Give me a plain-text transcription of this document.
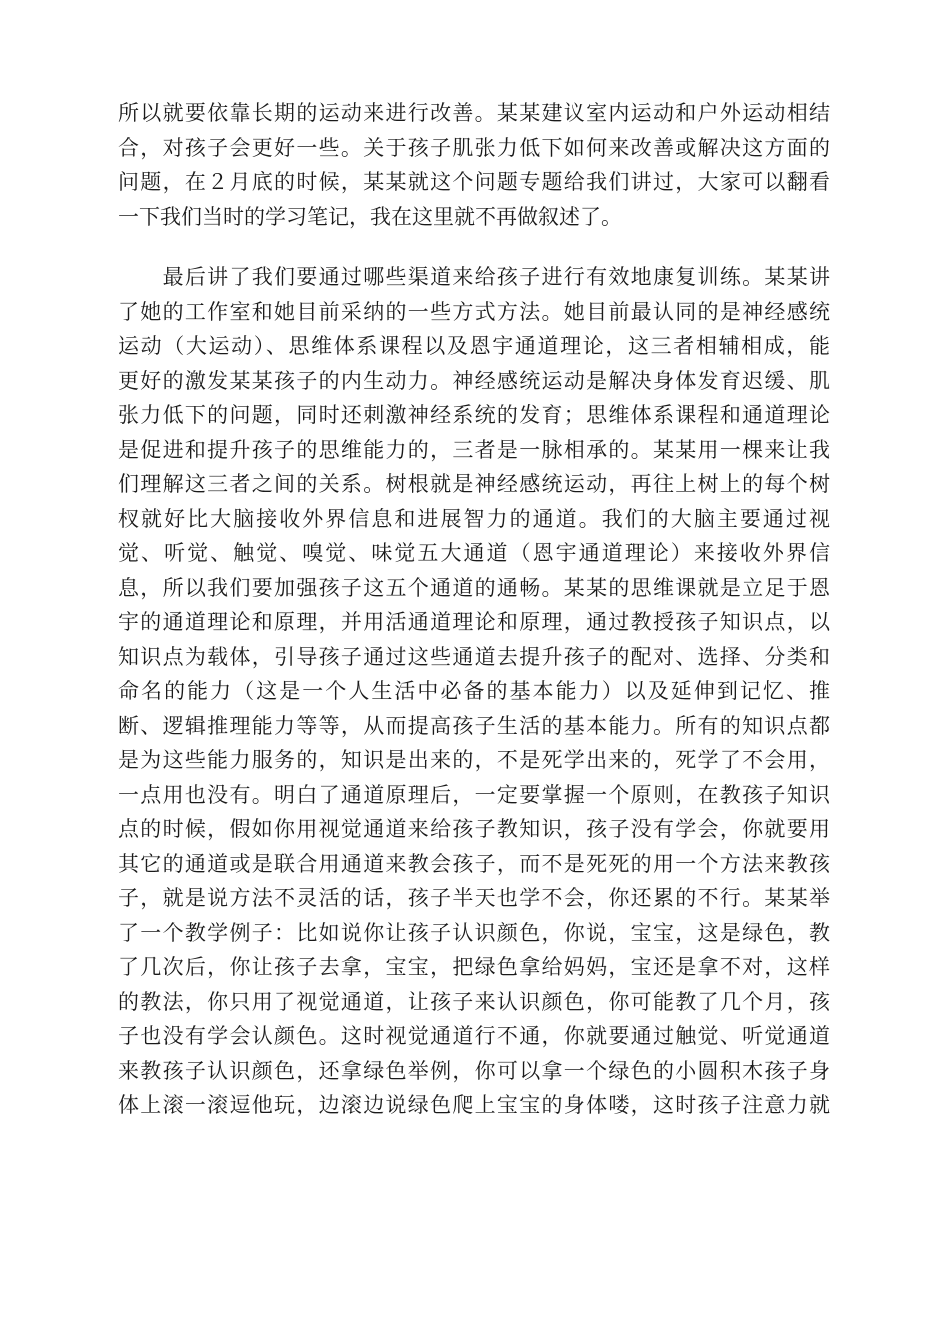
所以就要依靠长期的运动来进行改善。某某建议室内运动和户外运动相结
合，对孩子会更好一些。关于孩子肌张力低下如何来改善或解决这方面的
问题，在２月底的时候，某某就这个问题专题给我们讲过，大家可以翻看
一下我们当时的学习笔记，我在这里就不再做叙述了。
　　最后讲了我们要通过哪些渠道来给孩子进行有效地康复训练。某某讲
了她的工作室和她目前采纳的一些方式方法。她目前最认同的是神经感统
运动（大运动）、思维体系课程以及恩宇通道理论，这三者相辅相成，能
更好的激发某某孩子的内生动力。神经感统运动是解决身体发育迟缓、肌
张力低下的问题，同时还刺激神经系统的发育；思维体系课程和通道理论
是促进和提升孩子的思维能力的，三者是一脉相承的。某某用一棵来让我
们理解这三者之间的关系。树根就是神经感统运动，再往上树上的每个树
杈就好比大脑接收外界信息和进展智力的通道。我们的大脑主要通过视
觉、听觉、触觉、嗅觉、味觉五大通道（恩宇通道理论）来接收外界信
息，所以我们要加强孩子这五个通道的通畅。某某的思维课就是立足于恩
宇的通道理论和原理，并用活通道理论和原理，通过教授孩子知识点，以
知识点为载体，引导孩子通过这些通道去提升孩子的配对、选择、分类和
命名的能力（这是一个人生活中必备的基本能力）以及延伸到记忆、推
断、逻辑推理能力等等，从而提高孩子生活的基本能力。所有的知识点都
是为这些能力服务的，知识是出来的，不是死学出来的，死学了不会用，
一点用也没有。明白了通道原理后，一定要掌握一个原则，在教孩子知识
点的时候，假如你用视觉通道来给孩子教知识，孩子没有学会，你就要用
其它的通道或是联合用通道来教会孩子，而不是死死的用一个方法来教孩
子，就是说方法不灵活的话，孩子半天也学不会，你还累的不行。某某举
了一个教学例子：比如说你让孩子认识颜色，你说，宝宝，这是绿色，教
了几次后，你让孩子去拿，宝宝，把绿色拿给妈妈，宝还是拿不对，这样
的教法，你只用了视觉通道，让孩子来认识颜色，你可能教了几个月，孩
子也没有学会认颜色。这时视觉通道行不通，你就要通过触觉、听觉通道
来教孩子认识颜色，还拿绿色举例，你可以拿一个绿色的小圆积木孩子身
体上滚一滚逗他玩，边滚边说绿色爬上宝宝的身体喽，这时孩子注意力就
